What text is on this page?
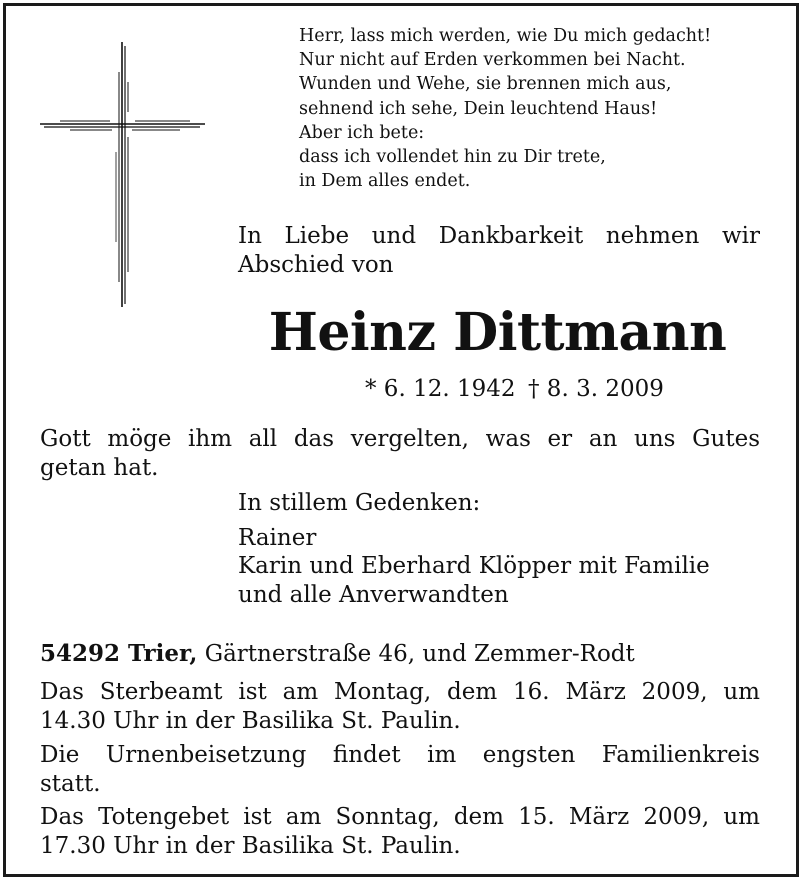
Herr, lass mich werden, wie Du mich gedacht!
Nur nicht auf Erden verkommen bei Nacht.
Wunden und Wehe, sie brennen mich aus,
sehnend ich sehe, Dein leuchtend Haus!
Aber ich bete:
dass ich vollendet hin zu Dir trete,
in Dem alles endet.
In Liebe und Dankbarkeit nehmen wir
Abschied von
Heinz Dittmann
* 6. 12. 1942 † 8. 3. 2009
Gott möge ihm all das vergelten, was er an uns Gutes
getan hat.
In stillem Gedenken:
Rainer
Karin und Eberhard Klöpper mit Familie
und alle Anverwandten
54292 Trier, Gärtnerstraße 46, und Zemmer-Rodt
Das Sterbeamt ist am Montag, dem 16. März 2009, um
14.30 Uhr in der Basilika St. Paulin.
Die Urnenbeisetzung findet im engsten Familienkreis
statt.
Das Totengebet ist am Sonntag, dem 15. März 2009, um
17.30 Uhr in der Basilika St. Paulin.
